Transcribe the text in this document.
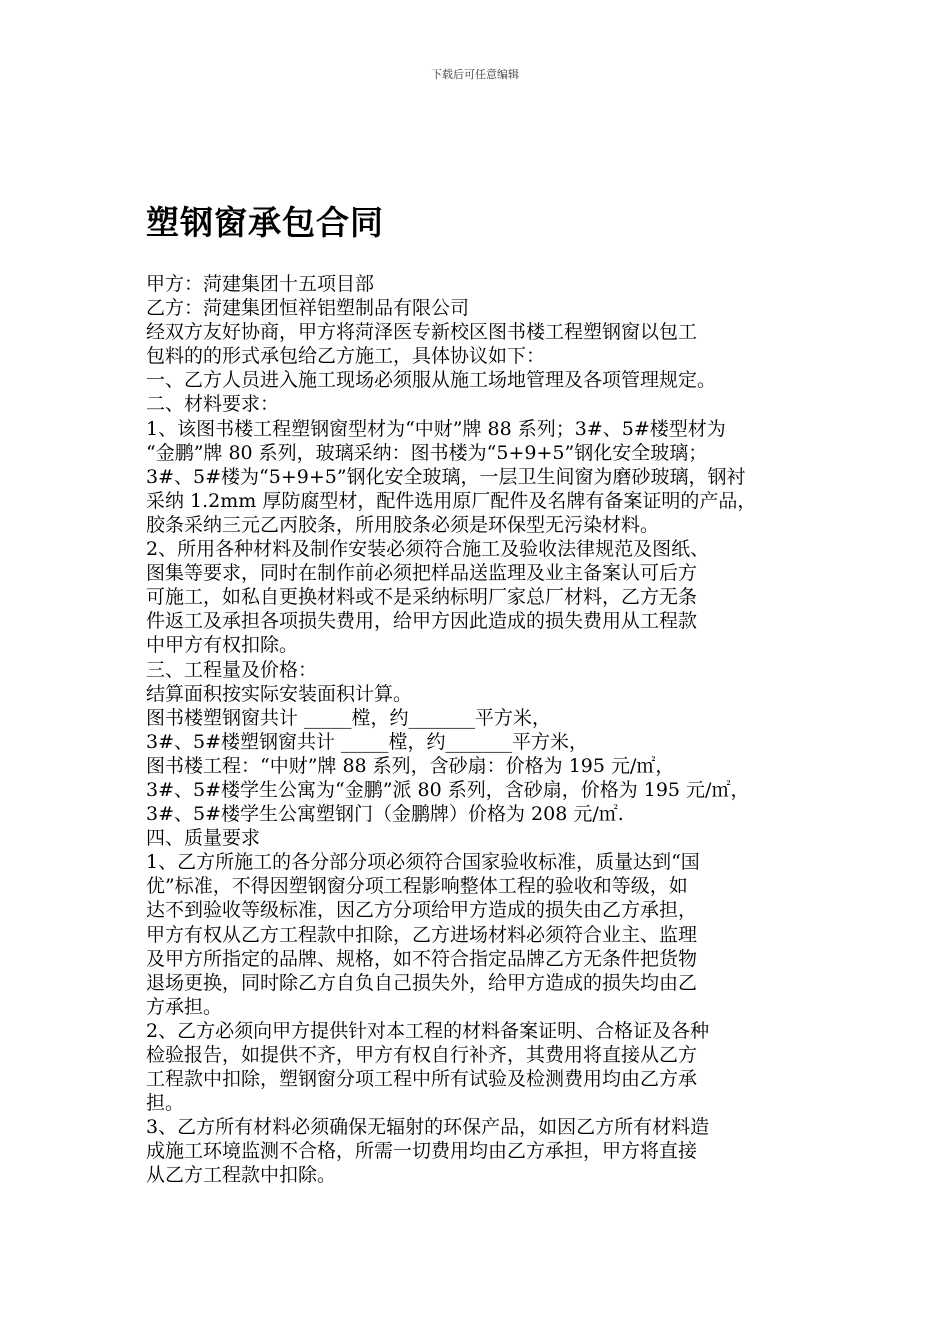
下载后可任意编辑
塑钢窗承包合同
甲方：菏建集团十五项目部
乙方：菏建集团恒祥铝塑制品有限公司
经双方友好协商，甲方将菏泽医专新校区图书楼工程塑钢窗以包工
包料的的形式承包给乙方施工，具体协议如下：
一、乙方人员进入施工现场必须服从施工场地管理及各项管理规定。
二、材料要求：
1、该图书楼工程塑钢窗型材为“中财”牌 88 系列；3#、5#楼型材为
“金鹏”牌 80 系列，玻璃采纳：图书楼为“5+9+5”钢化安全玻璃；
3#、5#楼为“5+9+5”钢化安全玻璃，一层卫生间窗为磨砂玻璃，钢衬
采纳 1.2mm 厚防腐型材，配件选用原厂配件及名牌有备案证明的产品，
胶条采纳三元乙丙胶条，所用胶条必须是环保型无污染材料。
2、所用各种材料及制作安装必须符合施工及验收法律规范及图纸、
图集等要求，同时在制作前必须把样品送监理及业主备案认可后方
可施工，如私自更换材料或不是采纳标明厂家总厂材料，乙方无条
件返工及承担各项损失费用，给甲方因此造成的损失费用从工程款
中甲方有权扣除。
三、工程量及价格：
结算面积按实际安装面积计算。
图书楼塑钢窗共计 _____樘，约_______平方米，
3#、5#楼塑钢窗共计 _____樘，约_______平方米，
图书楼工程：“中财”牌 88 系列，含砂扇：价格为 195 元/㎡，
3#、5#楼学生公寓为“金鹏”派 80 系列，含砂扇，价格为 195 元/㎡，
3#、5#楼学生公寓塑钢门（金鹏牌）价格为 208 元/㎡.
四、质量要求
1、乙方所施工的各分部分项必须符合国家验收标准，质量达到“国
优”标准，不得因塑钢窗分项工程影响整体工程的验收和等级，如
达不到验收等级标准，因乙方分项给甲方造成的损失由乙方承担，
甲方有权从乙方工程款中扣除，乙方进场材料必须符合业主、监理
及甲方所指定的品牌、规格，如不符合指定品牌乙方无条件把货物
退场更换，同时除乙方自负自己损失外，给甲方造成的损失均由乙
方承担。
2、乙方必须向甲方提供针对本工程的材料备案证明、合格证及各种
检验报告，如提供不齐，甲方有权自行补齐，其费用将直接从乙方
工程款中扣除，塑钢窗分项工程中所有试验及检测费用均由乙方承
担。
3、乙方所有材料必须确保无辐射的环保产品，如因乙方所有材料造
成施工环境监测不合格，所需一切费用均由乙方承担，甲方将直接
从乙方工程款中扣除。
